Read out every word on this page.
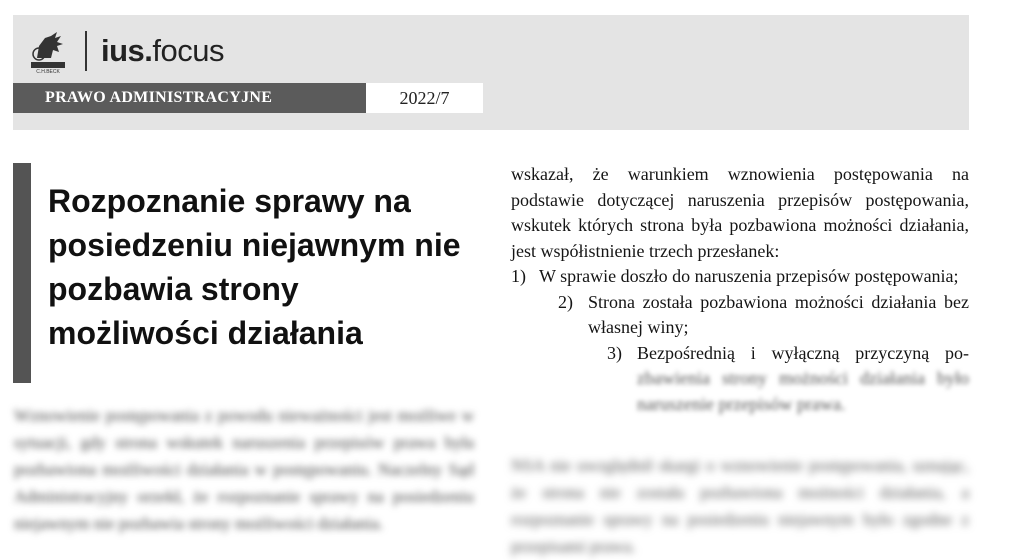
C.H.BECK
ius.focus
PRAWO ADMINISTRACYJNE	2022/7
Rozpoznanie sprawy na posiedzeniu niejawnym nie pozbawia strony możliwości działania
Wznowienie postępowania z powodu nieważności jest możliwe w sytuacji, gdy strona wskutek naruszenia przepisów prawa była pozbawiona możliwości działania w postępowaniu. Naczelny Sąd Administracyjny orzekł, że rozpoznanie sprawy na posiedzeniu niejawnym nie pozbawia strony możliwości działania.

wskazał, że warunkiem wznowienia postępowania na podstawie dotyczącej naruszenia przepisów postępowania, wskutek których strona była pozbawiona możności działania, jest współistnienie trzech przesłanek:

1) W sprawie doszło do naruszenia przepisów postępowania;
2) Strona została pozbawiona możności działania bez własnej winy;
3) Bezpośrednią i wyłączną przyczyną po- zbawienia strony możności działania było naruszenie przepisów prawa.
NSA nie uwzględnił skargi o wznowienie postępowania, uznając, że strona nie została pozbawiona możności działania, a rozpoznanie sprawy na posiedzeniu niejawnym było zgodne z przepisami prawa.
